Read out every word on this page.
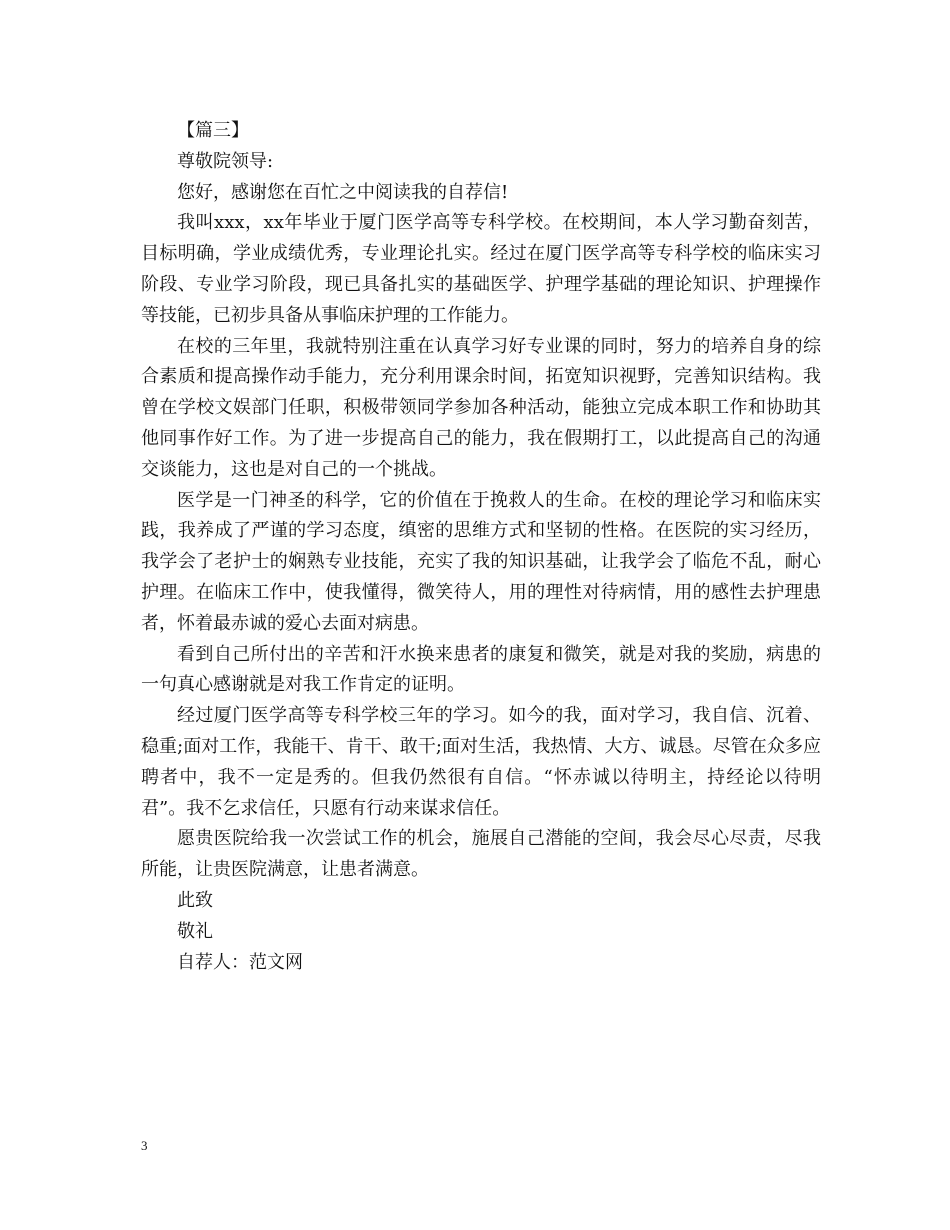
【篇三】
尊敬院领导:
您好，感谢您在百忙之中阅读我的自荐信!
我叫xxx，xx年毕业于厦门医学高等专科学校。在校期间，本人学习勤奋刻苦，目标明确，学业成绩优秀，专业理论扎实。经过在厦门医学高等专科学校的临床实习阶段、专业学习阶段，现已具备扎实的基础医学、护理学基础的理论知识、护理操作等技能，已初步具备从事临床护理的工作能力。
在校的三年里，我就特别注重在认真学习好专业课的同时，努力的培养自身的综合素质和提高操作动手能力，充分利用课余时间，拓宽知识视野，完善知识结构。我曾在学校文娱部门任职，积极带领同学参加各种活动，能独立完成本职工作和协助其他同事作好工作。为了进一步提高自己的能力，我在假期打工，以此提高自己的沟通交谈能力，这也是对自己的一个挑战。
医学是一门神圣的科学，它的价值在于挽救人的生命。在校的理论学习和临床实践，我养成了严谨的学习态度，缜密的思维方式和坚韧的性格。在医院的实习经历，我学会了老护士的娴熟专业技能，充实了我的知识基础，让我学会了临危不乱，耐心护理。在临床工作中，使我懂得，微笑待人，用的理性对待病情，用的感性去护理患者，怀着最赤诚的爱心去面对病患。
看到自己所付出的辛苦和汗水换来患者的康复和微笑，就是对我的奖励，病患的一句真心感谢就是对我工作肯定的证明。
经过厦门医学高等专科学校三年的学习。如今的我，面对学习，我自信、沉着、稳重;面对工作，我能干、肯干、敢干;面对生活，我热情、大方、诚恳。尽管在众多应聘者中，我不一定是秀的。但我仍然很有自信。“怀赤诚以待明主，持经论以待明君”。我不乞求信任，只愿有行动来谋求信任。
愿贵医院给我一次尝试工作的机会，施展自己潜能的空间，我会尽心尽责，尽我所能，让贵医院满意，让患者满意。
此致
敬礼
自荐人：范文网
3
